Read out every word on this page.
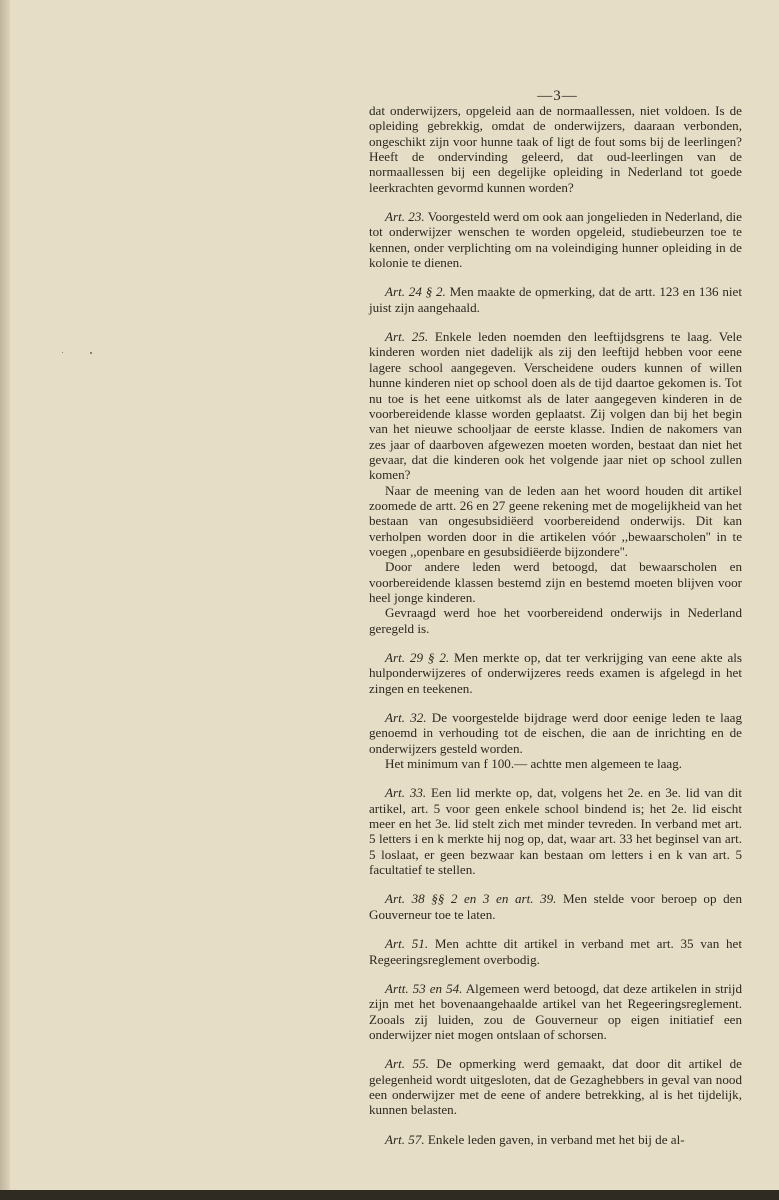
—3—

dat onderwijzers, opgeleid aan de normaallessen, niet voldoen. Is de opleiding gebrekkig, omdat de onderwijzers, daaraan verbonden, ongeschikt zijn voor hunne taak of ligt de fout soms bij de leerlingen? Heeft de ondervinding geleerd, dat oud-leerlingen van de normaallessen bij een degelijke opleiding in Nederland tot goede leerkrachten gevormd kunnen worden?

Art. 23. Voorgesteld werd om ook aan jongelieden in Nederland, die tot onderwijzer wenschen te worden opgeleid, studiebeurzen toe te kennen, onder verplichting om na voleindiging hunner opleiding in de kolonie te dienen.

Art. 24 § 2. Men maakte de opmerking, dat de artt. 123 en 136 niet juist zijn aangehaald.

Art. 25. Enkele leden noemden den leeftijdsgrens te laag. Vele kinderen worden niet dadelijk als zij den leeftijd hebben voor eene lagere school aangegeven. Verscheidene ouders kunnen of willen hunne kinderen niet op school doen als de tijd daartoe gekomen is. Tot nu toe is het eene uitkomst als de later aangegeven kinderen in de voorbereidende klasse worden geplaatst. Zij volgen dan bij het begin van het nieuwe schooljaar de eerste klasse. Indien de nakomers van zes jaar of daarboven afgewezen moeten worden, bestaat dan niet het gevaar, dat die kinderen ook het volgende jaar niet op school zullen komen?

Naar de meening van de leden aan het woord houden dit artikel zoomede de artt. 26 en 27 geene rekening met de mogelijkheid van het bestaan van ongesubsidiëerd voorbereidend onderwijs. Dit kan verholpen worden door in die artikelen vóór ,,bewaarscholen'' in te voegen ,,openbare en gesubsidiëerde bijzondere''.

Door andere leden werd betoogd, dat bewaarscholen en voorbereidende klassen bestemd zijn en bestemd moeten blijven voor heel jonge kinderen.

Gevraagd werd hoe het voorbereidend onderwijs in Nederland geregeld is.

Art. 29 § 2. Men merkte op, dat ter verkrijging van eene akte als hulponderwijzeres of onderwijzeres reeds examen is afgelegd in het zingen en teekenen.

Art. 32. De voorgestelde bijdrage werd door eenige leden te laag genoemd in verhouding tot de eischen, die aan de inrichting en de onderwijzers gesteld worden.

Het minimum van f 100.— achtte men algemeen te laag.

Art. 33. Een lid merkte op, dat, volgens het 2e. en 3e. lid van dit artikel, art. 5 voor geen enkele school bindend is; het 2e. lid eischt meer en het 3e. lid stelt zich met minder tevreden. In verband met art. 5 letters i en k merkte hij nog op, dat, waar art. 33 het beginsel van art. 5 loslaat, er geen bezwaar kan bestaan om letters i en k van art. 5 facultatief te stellen.

Art. 38 §§ 2 en 3 en art. 39. Men stelde voor beroep op den Gouverneur toe te laten.

Art. 51. Men achtte dit artikel in verband met art. 35 van het Regeeringsreglement overbodig.

Artt. 53 en 54. Algemeen werd betoogd, dat deze artikelen in strijd zijn met het bovenaangehaalde artikel van het Regeeringsreglement. Zooals zij luiden, zou de Gouverneur op eigen initiatief een onderwijzer niet mogen ontslaan of schorsen.

Art. 55. De opmerking werd gemaakt, dat door dit artikel de gelegenheid wordt uitgesloten, dat de Gezaghebbers in geval van nood een onderwijzer met de eene of andere betrekking, al is het tijdelijk, kunnen belasten.

Art. 57. Enkele leden gaven, in verband met het bij de al-
